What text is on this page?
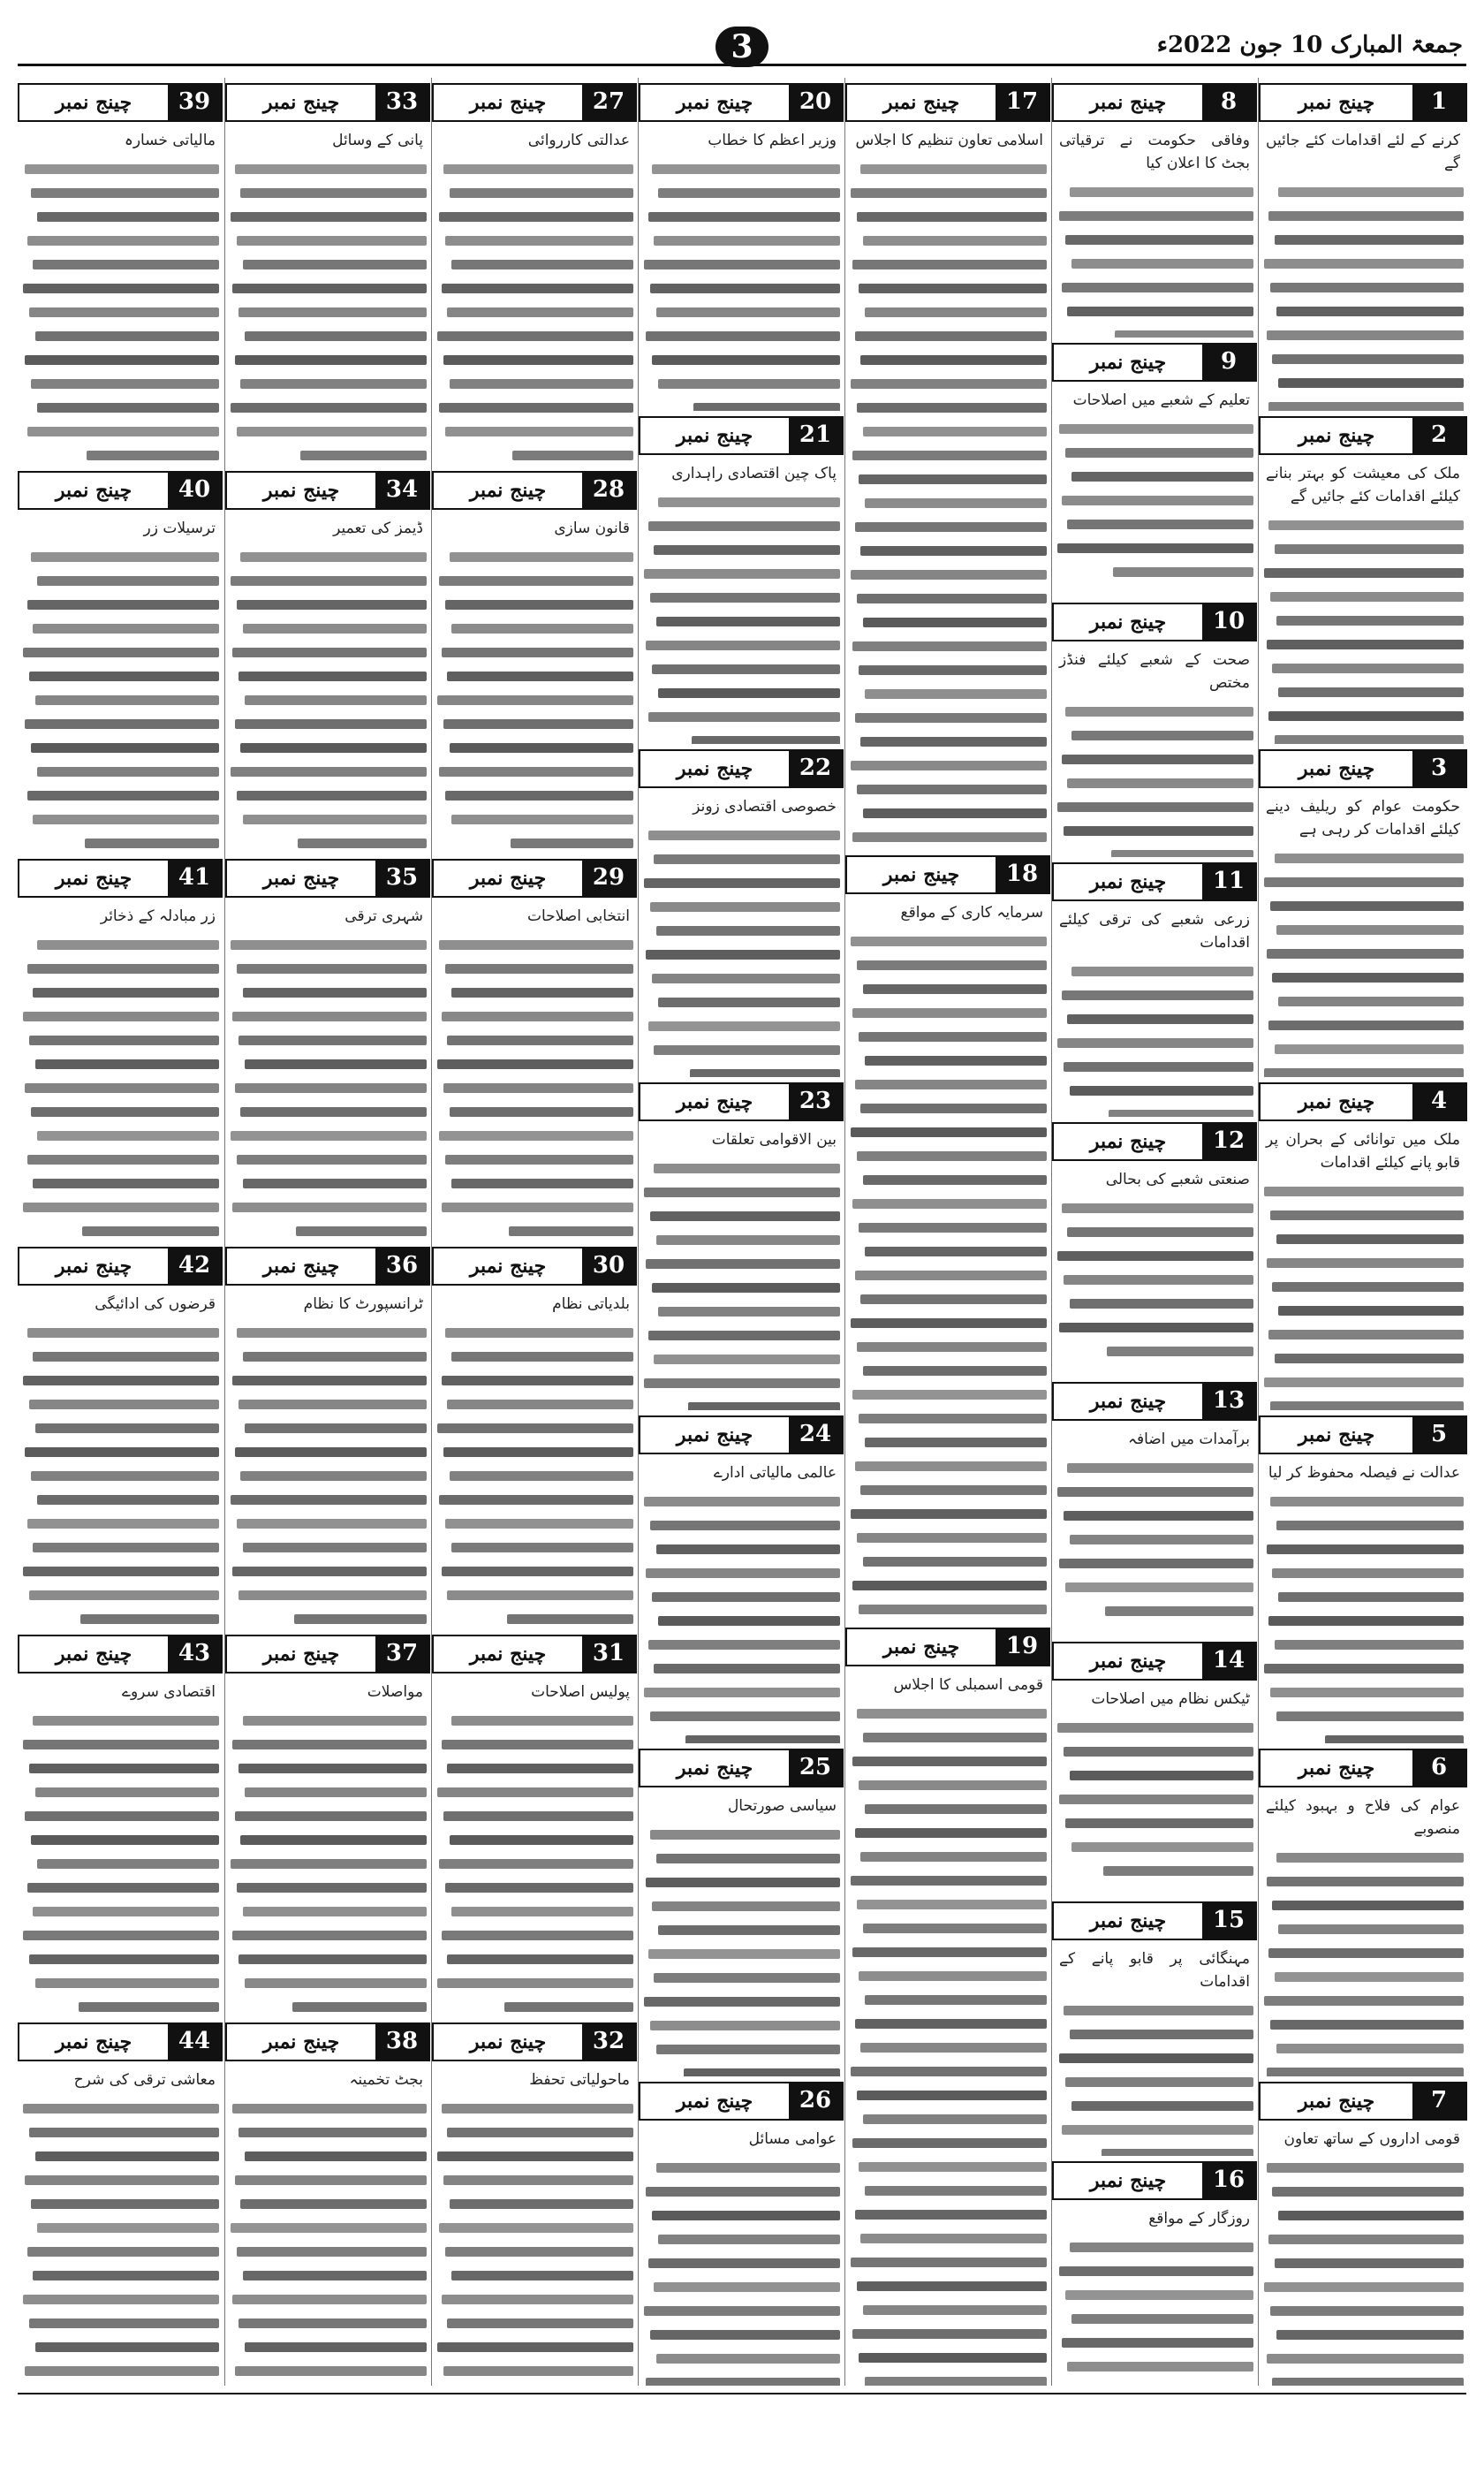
جمعۃ المبارک 10 جون 2022ء
3
چینج نمبر	39
مالیاتی خسارہ
چینج نمبر	40
ترسیلات زر
چینج نمبر	41
زر مبادلہ کے ذخائر
چینج نمبر	42
قرضوں کی ادائیگی
چینج نمبر	43
اقتصادی سروے
چینج نمبر	44
معاشی ترقی کی شرح
چینج نمبر	33
پانی کے وسائل
چینج نمبر	34
ڈیمز کی تعمیر
چینج نمبر	35
شہری ترقی
چینج نمبر	36
ٹرانسپورٹ کا نظام
چینج نمبر	37
مواصلات
چینج نمبر	38
بجٹ تخمینہ
چینج نمبر	27
عدالتی کارروائی
چینج نمبر	28
قانون سازی
چینج نمبر	29
انتخابی اصلاحات
چینج نمبر	30
بلدیاتی نظام
چینج نمبر	31
پولیس اصلاحات
چینج نمبر	32
ماحولیاتی تحفظ
چینج نمبر	20
وزیر اعظم کا خطاب
چینج نمبر	21
پاک چین اقتصادی راہداری
چینج نمبر	22
خصوصی اقتصادی زونز
چینج نمبر	23
بین الاقوامی تعلقات
چینج نمبر	24
عالمی مالیاتی ادارے
چینج نمبر	25
سیاسی صورتحال
چینج نمبر	26
عوامی مسائل
چینج نمبر	17
اسلامی تعاون تنظیم کا اجلاس
چینج نمبر	18
سرمایہ کاری کے مواقع
چینج نمبر	19
قومی اسمبلی کا اجلاس
چینج نمبر	8
وفاقی حکومت نے ترقیاتی بجٹ کا اعلان کیا
چینج نمبر	9
تعلیم کے شعبے میں اصلاحات
چینج نمبر	10
صحت کے شعبے کیلئے فنڈز مختص
چینج نمبر	11
زرعی شعبے کی ترقی کیلئے اقدامات
چینج نمبر	12
صنعتی شعبے کی بحالی
چینج نمبر	13
برآمدات میں اضافہ
چینج نمبر	14
ٹیکس نظام میں اصلاحات
چینج نمبر	15
مہنگائی پر قابو پانے کے اقدامات
چینج نمبر	16
روزگار کے مواقع
چینج نمبر	1
کرنے کے لئے اقدامات کئے جائیں گے
چینج نمبر	2
ملک کی معیشت کو بہتر بنانے کیلئے اقدامات کئے جائیں گے
چینج نمبر	3
حکومت عوام کو ریلیف دینے کیلئے اقدامات کر رہی ہے
چینج نمبر	4
ملک میں توانائی کے بحران پر قابو پانے کیلئے اقدامات
چینج نمبر	5
عدالت نے فیصلہ محفوظ کر لیا
چینج نمبر	6
عوام کی فلاح و بہبود کیلئے منصوبے
چینج نمبر	7
قومی اداروں کے ساتھ تعاون
